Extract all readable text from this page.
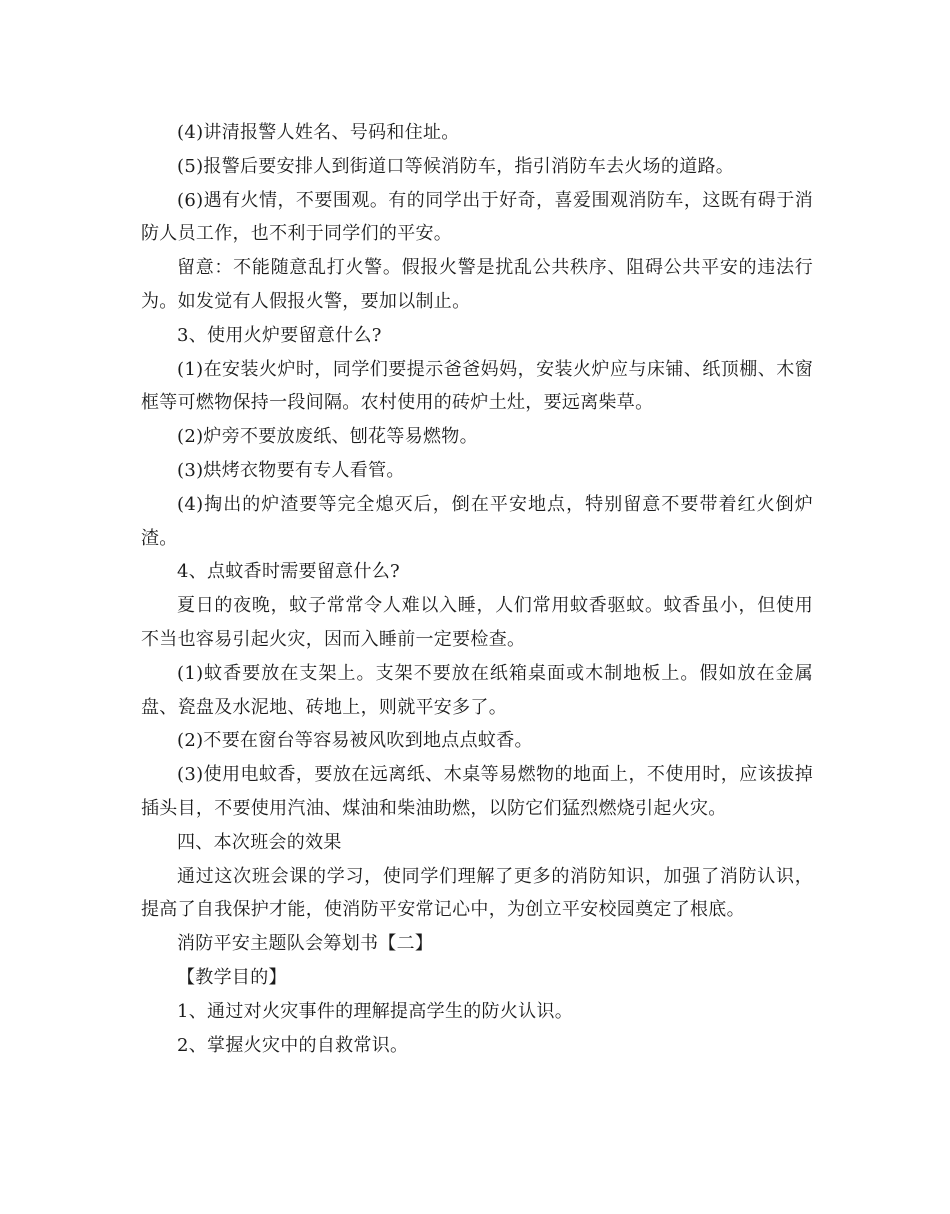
(4)讲清报警人姓名、号码和住址。

(5)报警后要安排人到街道口等候消防车，指引消防车去火场的道路。

(6)遇有火情，不要围观。有的同学出于好奇，喜爱围观消防车，这既有碍于消防人员工作，也不利于同学们的平安。

留意：不能随意乱打火警。假报火警是扰乱公共秩序、阻碍公共平安的违法行为。如发觉有人假报火警，要加以制止。

3、使用火炉要留意什么?

(1)在安装火炉时，同学们要提示爸爸妈妈，安装火炉应与床铺、纸顶棚、木窗框等可燃物保持一段间隔。农村使用的砖炉土灶，要远离柴草。

(2)炉旁不要放废纸、刨花等易燃物。

(3)烘烤衣物要有专人看管。

(4)掏出的炉渣要等完全熄灭后，倒在平安地点，特别留意不要带着红火倒炉渣。

4、点蚊香时需要留意什么?

夏日的夜晚，蚊子常常令人难以入睡，人们常用蚊香驱蚊。蚊香虽小，但使用不当也容易引起火灾，因而入睡前一定要检查。

(1)蚊香要放在支架上。支架不要放在纸箱桌面或木制地板上。假如放在金属盘、瓷盘及水泥地、砖地上，则就平安多了。

(2)不要在窗台等容易被风吹到地点点蚊香。

(3)使用电蚊香，要放在远离纸、木桌等易燃物的地面上，不使用时，应该拔掉插头目，不要使用汽油、煤油和柴油助燃，以防它们猛烈燃烧引起火灾。

四、本次班会的效果

通过这次班会课的学习，使同学们理解了更多的消防知识，加强了消防认识，提高了自我保护才能，使消防平安常记心中，为创立平安校园奠定了根底。

消防平安主题队会筹划书【二】

【教学目的】

1、通过对火灾事件的理解提高学生的防火认识。

2、掌握火灾中的自救常识。
